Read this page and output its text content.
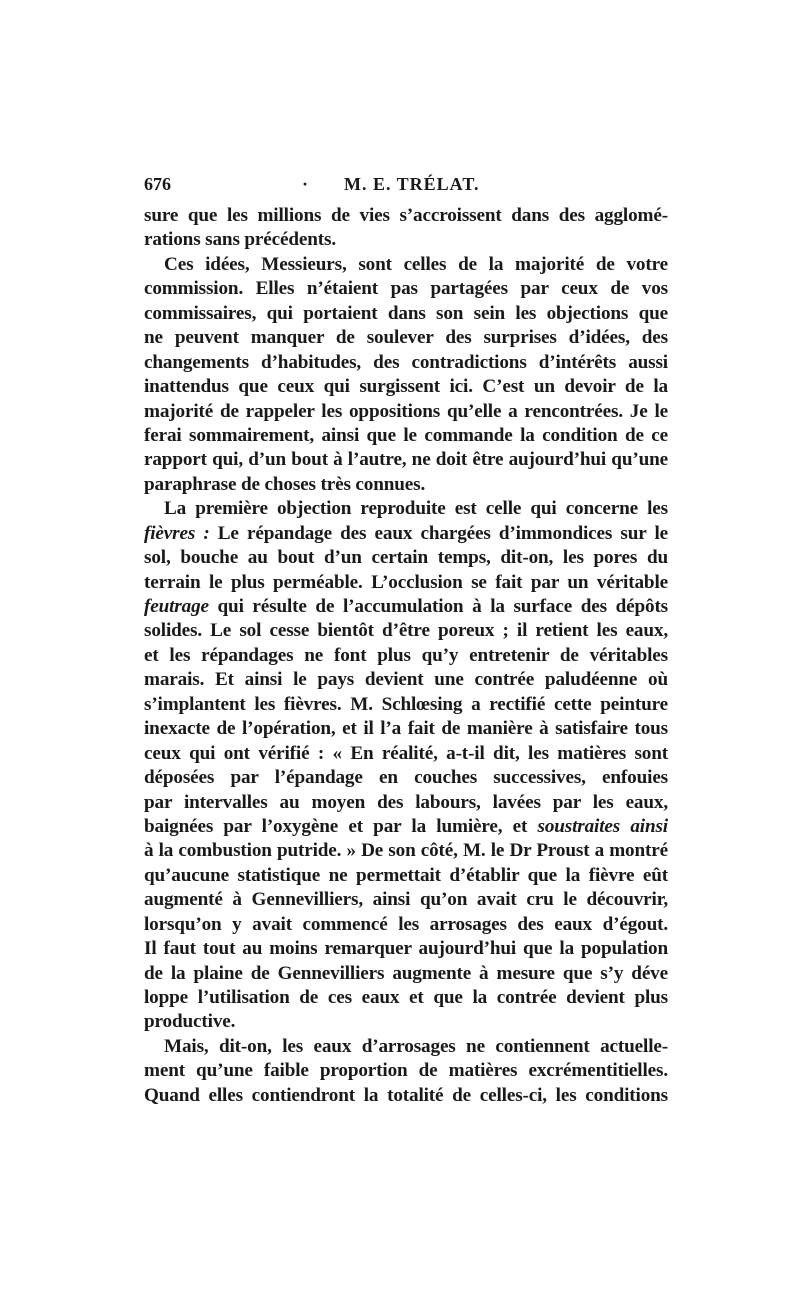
676	· M. E. TRÉLAT.
sure que les millions de vies s’accroissent dans des agglomé-
rations sans précédents.
Ces idées, Messieurs, sont celles de la majorité de votre
commission. Elles n’étaient pas partagées par ceux de vos
commissaires, qui portaient dans son sein les objections que
ne peuvent manquer de soulever des surprises d’idées, des
changements d’habitudes, des contradictions d’intérêts aussi
inattendus que ceux qui surgissent ici. C’est un devoir de la
majorité de rappeler les oppositions qu’elle a rencontrées. Je le
ferai sommairement, ainsi que le commande la condition de ce
rapport qui, d’un bout à l’autre, ne doit être aujourd’hui qu’une
paraphrase de choses très connues.
La première objection reproduite est celle qui concerne les
fièvres : Le répandage des eaux chargées d’immondices sur le
sol, bouche au bout d’un certain temps, dit-on, les pores du
terrain le plus perméable. L’occlusion se fait par un véritable
feutrage qui résulte de l’accumulation à la surface des dépôts
solides. Le sol cesse bientôt d’être poreux ; il retient les eaux,
et les répandages ne font plus qu’y entretenir de véritables
marais. Et ainsi le pays devient une contrée paludéenne où
s’implantent les fièvres. M. Schlœsing a rectifié cette peinture
inexacte de l’opération, et il l’a fait de manière à satisfaire tous
ceux qui ont vérifié : « En réalité, a-t-il dit, les matières sont
déposées par l’épandage en couches successives, enfouies
par intervalles au moyen des labours, lavées par les eaux,
baignées par l’oxygène et par la lumière, et soustraites ainsi
à la combustion putride. » De son côté, M. le Dr Proust a montré
qu’aucune statistique ne permettait d’établir que la fièvre eût
augmenté à Gennevilliers, ainsi qu’on avait cru le découvrir,
lorsqu’on y avait commencé les arrosages des eaux d’égout.
Il faut tout au moins remarquer aujourd’hui que la population
de la plaine de Gennevilliers augmente à mesure que s’y déve
loppe l’utilisation de ces eaux et que la contrée devient plus
productive.
Mais, dit-on, les eaux d’arrosages ne contiennent actuelle-
ment qu’une faible proportion de matières excrémentitielles.
Quand elles contiendront la totalité de celles-ci, les conditions
